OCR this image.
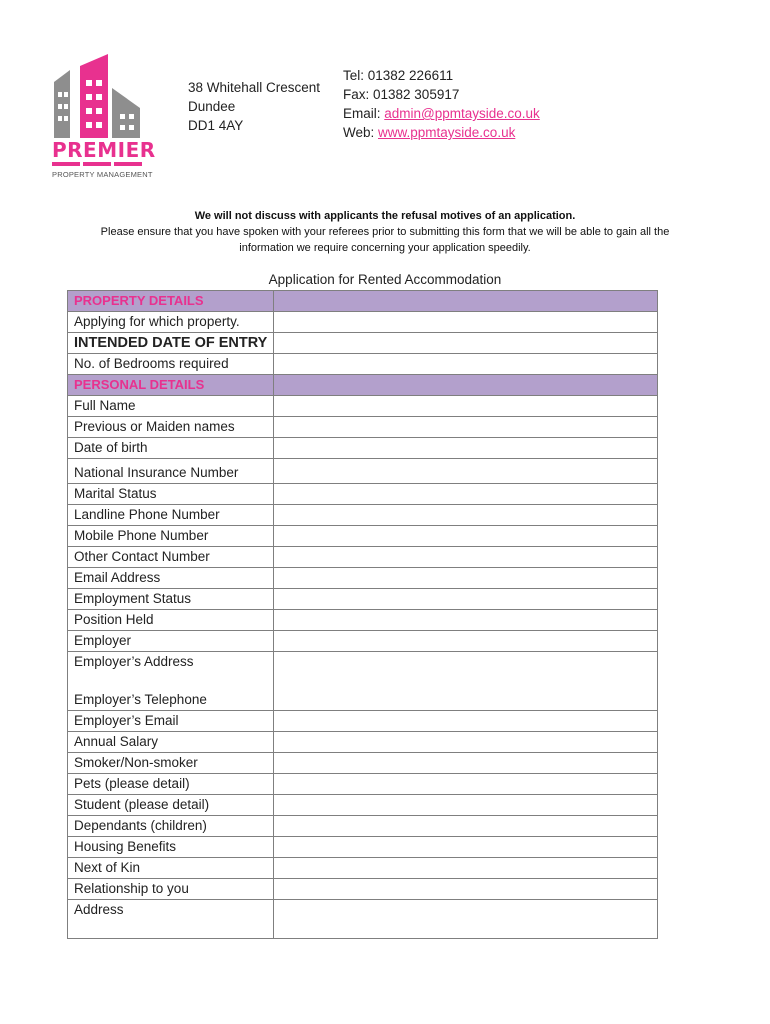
PREMIER
PROPERTY MANAGEMENT
38 Whitehall Crescent
Dundee
DD1 4AY
Tel: 01382 226611
Fax: 01382 305917
Email: admin@ppmtayside.co.uk
Web: www.ppmtayside.co.uk
We will not discuss with applicants the refusal motives of an application.
Please ensure that you have spoken with your referees prior to submitting this form that we will be able to gain all the
information we require concerning your application speedily.
Application for Rented Accommodation
PROPERTY DETAILS	

Applying for which property.	

INTENDED DATE OF ENTRY	

No. of Bedrooms required	

PERSONAL DETAILS	

Full Name	

Previous or Maiden names	

Date of birth	

National Insurance Number	

Marital Status	

Landline Phone Number	

Mobile Phone Number	

Other Contact Number	

Email Address	

Employment Status	

Position Held	

Employer	

Employer’s Address
Employer’s Telephone	

Employer’s Email	

Annual Salary	

Smoker/Non-smoker	

Pets (please detail)	

Student (please detail)	

Dependants (children)	

Housing Benefits	

Next of Kin	

Relationship to you	

Address	
